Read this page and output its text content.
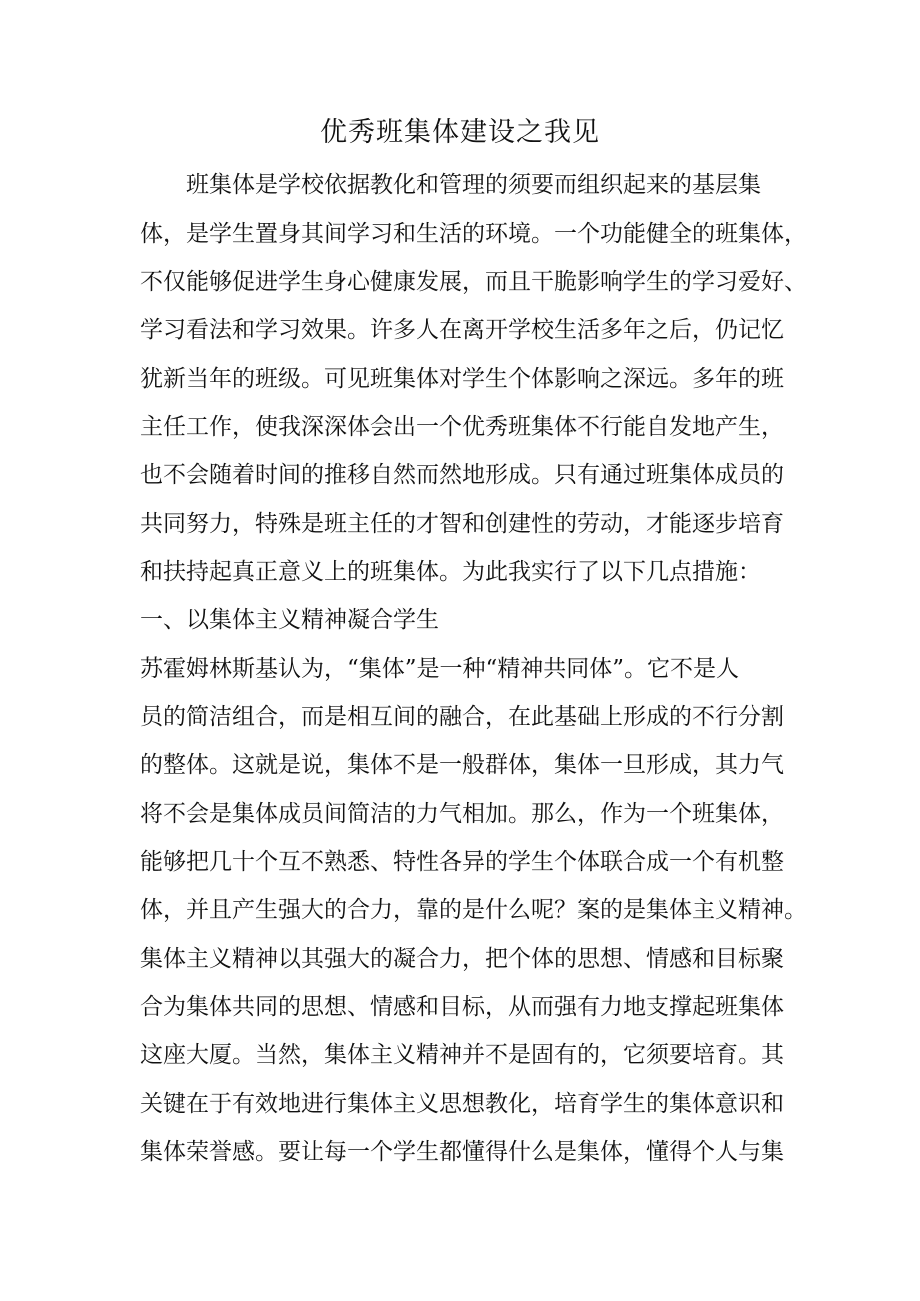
优秀班集体建设之我见
班集体是学校依据教化和管理的须要而组织起来的基层集
体，是学生置身其间学习和生活的环境。一个功能健全的班集体，
不仅能够促进学生身心健康发展，而且干脆影响学生的学习爱好、
学习看法和学习效果。许多人在离开学校生活多年之后，仍记忆
犹新当年的班级。可见班集体对学生个体影响之深远。多年的班
主任工作，使我深深体会出一个优秀班集体不行能自发地产生，
也不会随着时间的推移自然而然地形成。只有通过班集体成员的
共同努力，特殊是班主任的才智和创建性的劳动，才能逐步培育
和扶持起真正意义上的班集体。为此我实行了以下几点措施：
一、以集体主义精神凝合学生
苏霍姆林斯基认为，“集体”是一种“精神共同体”。它不是人
员的简洁组合，而是相互间的融合，在此基础上形成的不行分割
的整体。这就是说，集体不是一般群体，集体一旦形成，其力气
将不会是集体成员间简洁的力气相加。那么，作为一个班集体，
能够把几十个互不熟悉、特性各异的学生个体联合成一个有机整
体，并且产生强大的合力，靠的是什么呢？案的是集体主义精神。
集体主义精神以其强大的凝合力，把个体的思想、情感和目标聚
合为集体共同的思想、情感和目标，从而强有力地支撑起班集体
这座大厦。当然，集体主义精神并不是固有的，它须要培育。其
关键在于有效地进行集体主义思想教化，培育学生的集体意识和
集体荣誉感。要让每一个学生都懂得什么是集体，懂得个人与集
